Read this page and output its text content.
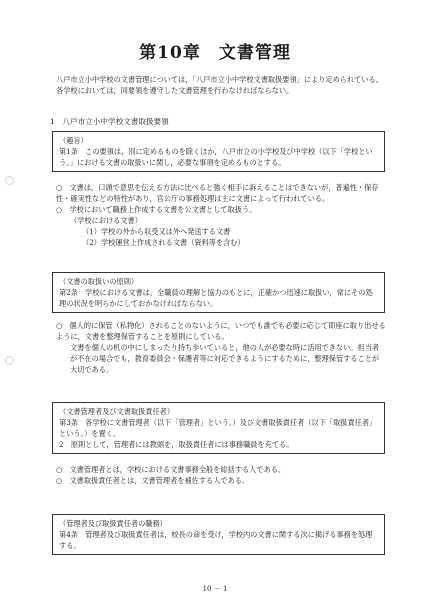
第10章　文書管理
八戸市立小中学校の文書管理については，「八戸市立小中学校文書取扱要領」により定められている。各学校においては，同要領を遵守した文書管理を行わなければならない。
1　八戸市立小中学校文書取扱要領
（趣旨）
第1条　この要領は，別に定めるものを除くほか，八戸市立の小学校及び中学校（以下「学校という。」における文書の取扱いに関し，必要な事項を定めるものとする。
○　文書は，口頭で意思を伝える方法に比べると強く相手に訴えることはできないが，普遍性・保存性・確実性などの特性があり，官公庁の事務処理は主に文書によって行われている。
○　学校において職務上作成する文書を公文書として取扱う。
（学校における文書）
（1）学校の外から収受又は外へ発送する文書
（2）学校運営上作成される文書（資料等を含む）
（文書の取扱いの原則）
第2条　学校における文書は，全職員の理解と協力のもとに，正確かつ迅速に取扱い，常にその処理の状況を明らかにしておかなければならない。
○　個人的に保管（私物化）されることのないように，いつでも誰でも必要に応じて即座に取り出せるように，文書を整理保管することを原則にしている。
文書を個人の机の中にしまったり持ち歩いていると，他の人が必要な時に活用できない。担当者が不在の場合でも，教育委員会・保護者等に対応できるようにするために，整理保管することが大切である。
（文書管理者及び文書取扱責任者）
第3条　各学校に文書管理者（以下「管理者」という。）及び文書取扱責任者（以下「取扱責任者」という。）を置く。
2　原則として，管理者には教頭を，取扱責任者には事務職員を充てる。
○　文書管理者とは，学校における文書事務全般を総括する人である。
○　文書取扱責任者とは，文書管理者を補佐する人である。
（管理者及び取扱責任者の職務）
第4条　管理者及び取扱責任者は，校長の命を受け，学校内の文書に関する次に掲げる事務を処理する。
10 － 1
